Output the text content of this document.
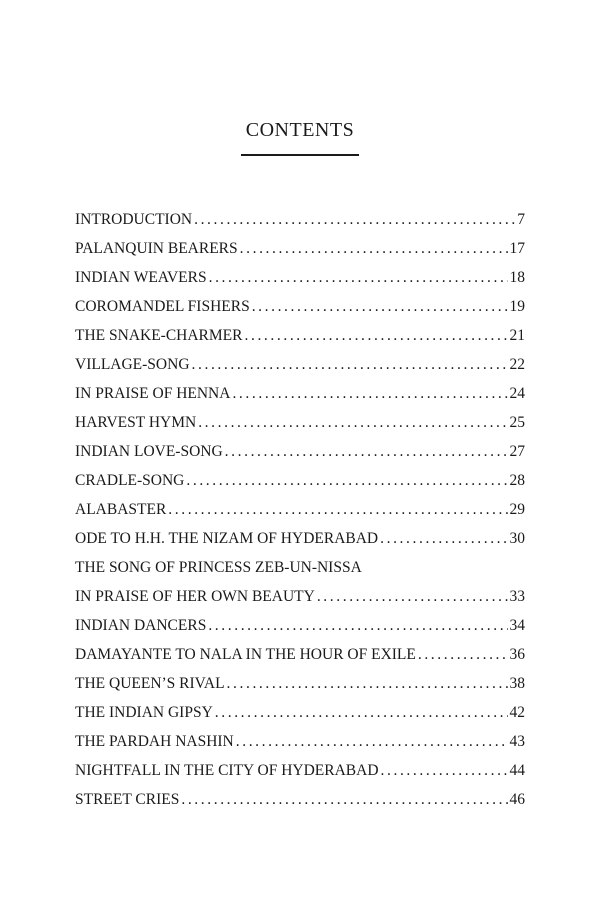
CONTENTS
INTRODUCTION .....	7
PALANQUIN BEARERS .....	17
INDIAN WEAVERS .....	18
COROMANDEL FISHERS .....	19
THE SNAKE-CHARMER .....	21
VILLAGE-SONG .....	22
IN PRAISE OF HENNA .....	24
HARVEST HYMN .....	25
INDIAN LOVE-SONG .....	27
CRADLE-SONG .....	28
ALABASTER .....	29
ODE TO H.H. THE NIZAM OF HYDERABAD .....	30
THE SONG OF PRINCESS ZEB-UN-NISSA
IN PRAISE OF HER OWN BEAUTY .....	33
INDIAN DANCERS .....	34
DAMAYANTE TO NALA IN THE HOUR OF EXILE .....	36
THE QUEEN’S RIVAL .....	38
THE INDIAN GIPSY .....	42
THE PARDAH NASHIN .....	43
NIGHTFALL IN THE CITY OF HYDERABAD .....	44
STREET CRIES .....	46
